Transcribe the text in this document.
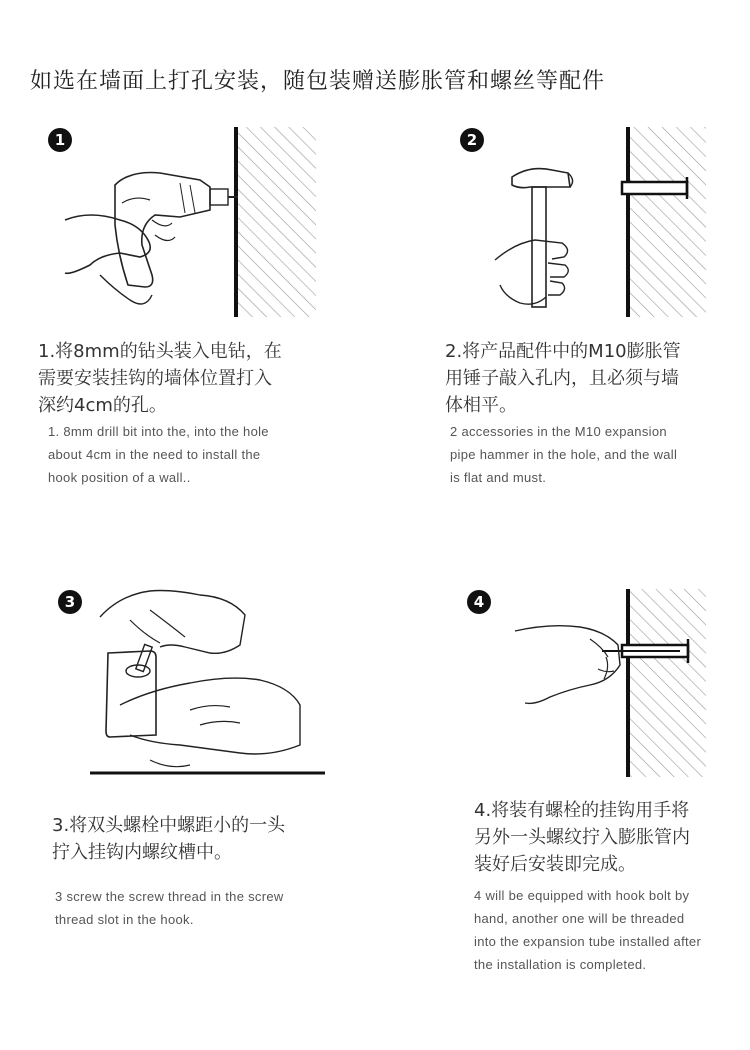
如选在墙面上打孔安装，随包装赠送膨胀管和螺丝等配件
1
1.将8mm的钻头装入电钻，在
需要安装挂钩的墙体位置打入
深约4cm的孔。
1. 8mm drill bit into the, into the hole
about 4cm in the need to install the
hook position of a wall..
2
2.将产品配件中的M10膨胀管
用锤子敲入孔内，且必须与墙
体相平。
2 accessories in the M10 expansion
pipe hammer in the hole, and the wall
is flat and must.
3
3.将双头螺栓中螺距小的一头
拧入挂钩内螺纹槽中。
3 screw the screw thread in the screw
thread slot in the hook.
4
4.将装有螺栓的挂钩用手将
另外一头螺纹拧入膨胀管内
装好后安装即完成。
4 will be equipped with hook bolt by
hand, another one will be threaded
into the expansion tube installed after
the installation is completed.
